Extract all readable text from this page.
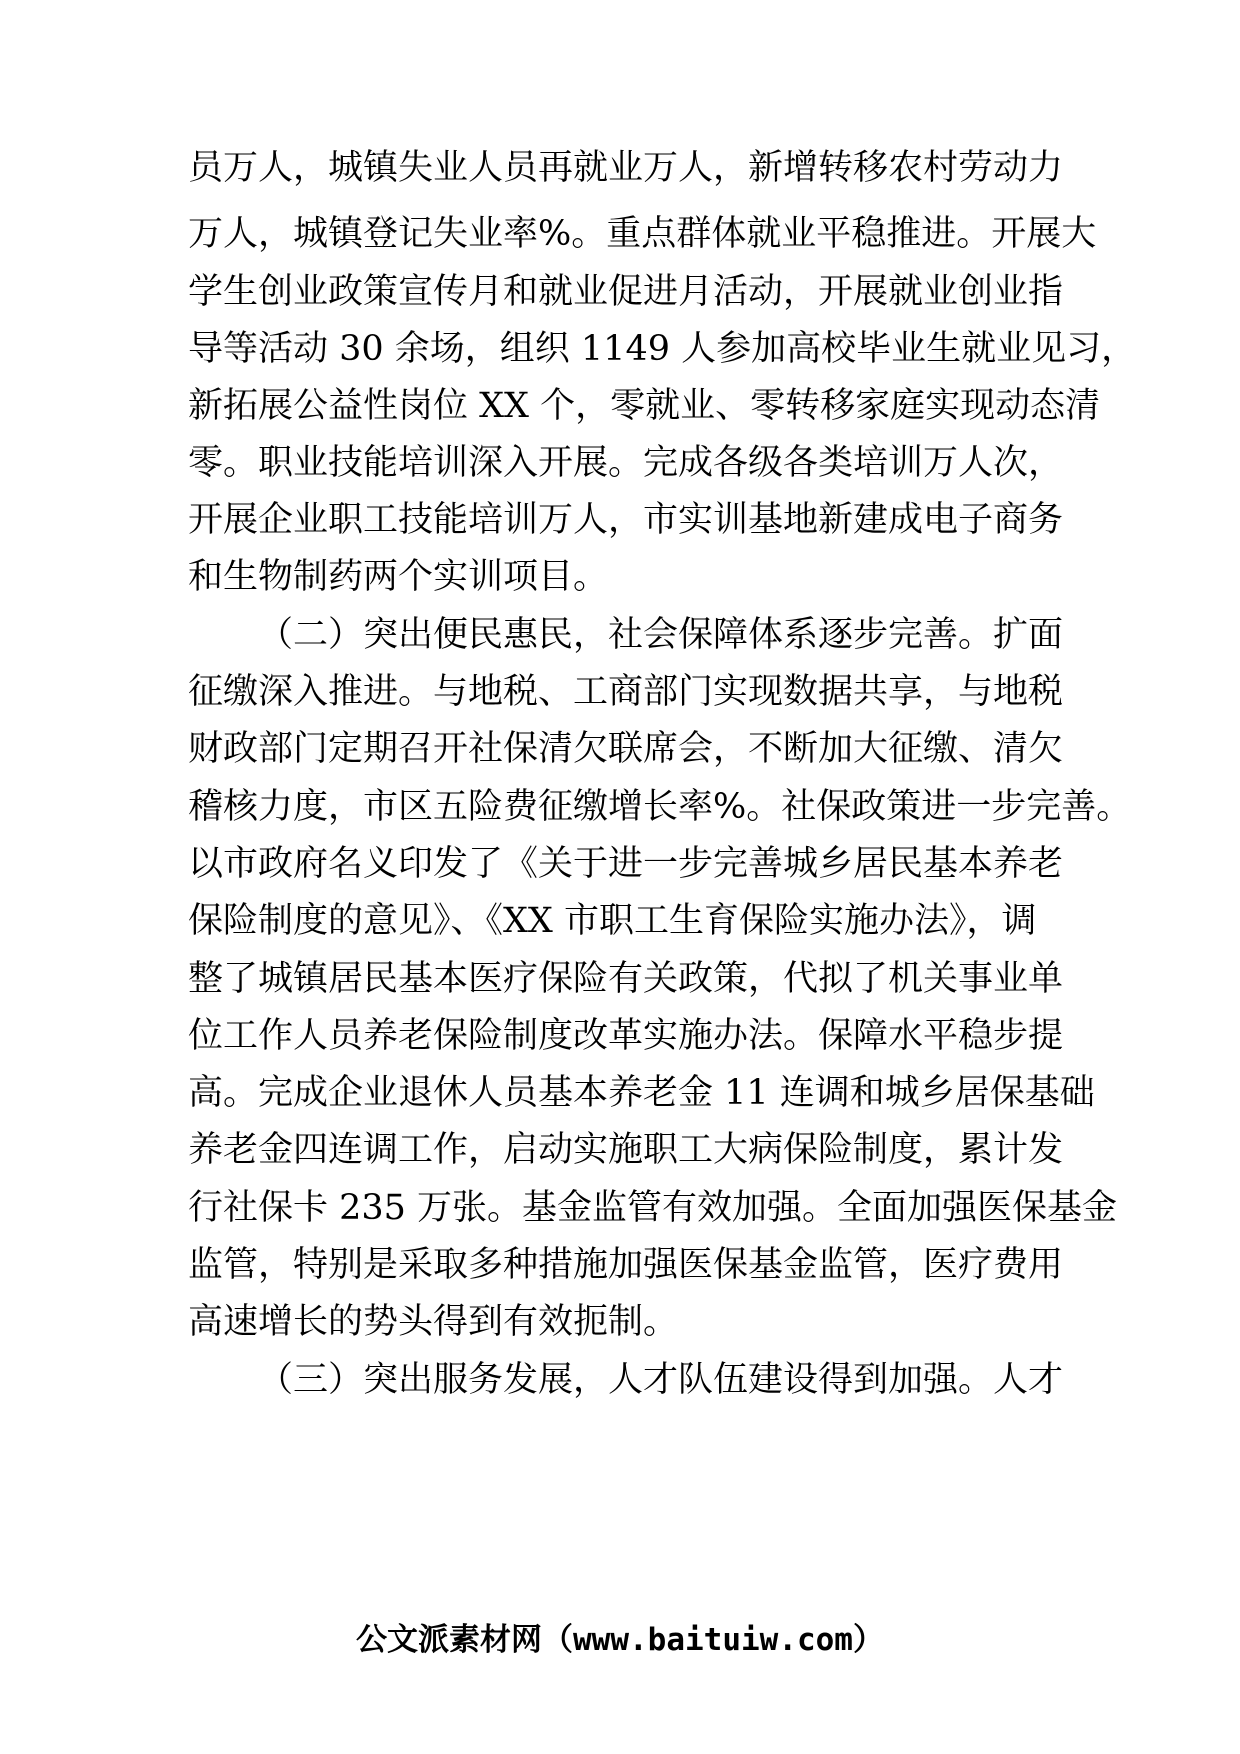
员万人，城镇失业人员再就业万人，新增转移农村劳动力
万人，城镇登记失业率%。重点群体就业平稳推进。开展大
学生创业政策宣传月和就业促进月活动，开展就业创业指
导等活动 30 余场，组织 1149 人参加高校毕业生就业见习，
新拓展公益性岗位 XX 个，零就业、零转移家庭实现动态清
零。职业技能培训深入开展。完成各级各类培训万人次，
开展企业职工技能培训万人，市实训基地新建成电子商务
和生物制药两个实训项目。
（二）突出便民惠民，社会保障体系逐步完善。扩面
征缴深入推进。与地税、工商部门实现数据共享，与地税
财政部门定期召开社保清欠联席会，不断加大征缴、清欠
稽核力度，市区五险费征缴增长率%。社保政策进一步完善。
以市政府名义印发了《关于进一步完善城乡居民基本养老
保险制度的意见》、《XX 市职工生育保险实施办法》，调
整了城镇居民基本医疗保险有关政策，代拟了机关事业单
位工作人员养老保险制度改革实施办法。保障水平稳步提
高。完成企业退休人员基本养老金 11 连调和城乡居保基础
养老金四连调工作，启动实施职工大病保险制度，累计发
行社保卡 235 万张。基金监管有效加强。全面加强医保基金
监管，特别是采取多种措施加强医保基金监管，医疗费用
高速增长的势头得到有效扼制。
（三）突出服务发展，人才队伍建设得到加强。人才
公文派素材网（www.baituiw.com）
